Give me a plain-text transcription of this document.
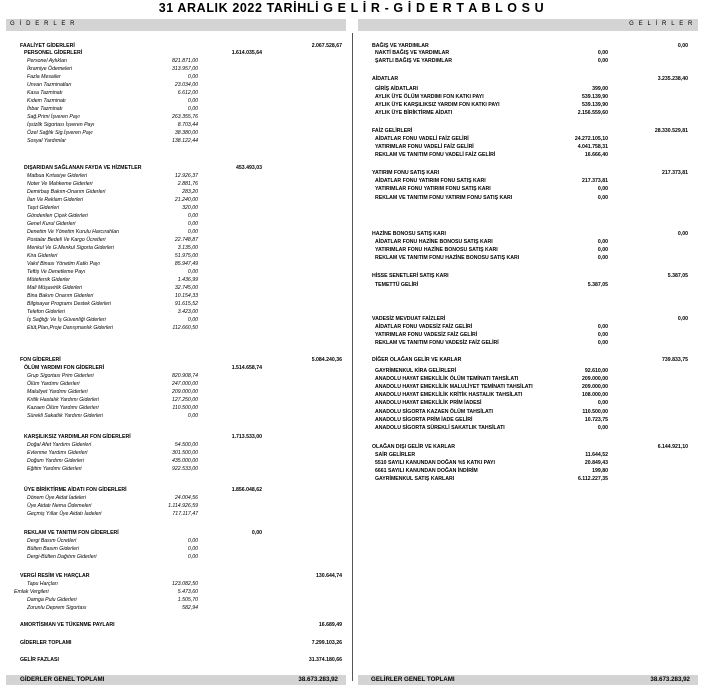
31 ARALIK 2022 TARİHLİ G E L İ R - G İ D E R T A B L O S U
G İ D E R L E R	G E L İ R L E R
FAALİYET GİDERLERİ	2.067.528,67
PERSONEL GİDERLERİ	1.614.035,64
Personel Aylıkları	821.871,00
İkramiye Ödemeleri	313.957,00
Fazla Mesailer	0,00
Unvan Tazminatları	23.034,00
Kasa Tazminatı	6.612,00
Kıdem Tazminatı	0,00
İhbar Tazminatı	0,00
Sağ.Primi İşveren Payı	263.355,76
İşsizlik Sigortası İşveren Payı	8.703,44
Özel Sağlık Sig.İşveren Payı	38.380,00
Sosyal Yardımlar	138.122,44
DIŞARIDAN SAĞLANAN FAYDA VE HİZMETLER	453.493,03
Matbua Kırtasiye Giderleri	12.926,37
Noter Ve Mahkeme Giderleri	2.881,76
Demirbaş Bakım-Onarım Giderleri	283,20
İlan Ve Reklam Giderleri	21.240,00
Taşıt Giderleri	320,00
Gönderilen Çiçek Giderleri	0,00
Genel Kurul Giderleri	0,00
Denetim Ve Yönetim Kurulu Harcırahları	0,00
Postalar Bedeli Ve Kargo Ücretleri	22.748,87
Menkul Ve G.Menkul Sigorta Giderleri	3.135,00
Kira Giderleri	51.975,00
Vakıf Binası Yönetim Katkı Payı	85.947,49
Teftiş Ve Denetleme Payı	0,00
Müteferrik Giderler	1.436,99
Mali Müşavirlik Giderleri	32.745,00
Bina Bakım Onarım Giderleri	10.154,33
Bilgisayar Programı Destek Giderleri	91.615,52
Telefon Giderleri	3.423,00
İş Sağlığı Ve İş Güvenliği Giderleri	0,00
Etüt,Plan,Proje Danışmanlık Giderleri	112.660,50
FON GİDERLERİ	5.084.240,36
ÖLÜM YARDIMI FON GİDERLERİ	1.514.658,74
Grup Sigortası Prim Giderleri	820.908,74
Ölüm Yardımı Giderleri	247.000,00
Maluliyet Yardımı Giderleri	209.000,00
Kritik Hastalık Yardımı Giderleri	127.250,00
Kazaen Ölüm Yardımı Giderleri	110.500,00
Sürekli Sakatlık Yardımı Giderleri	0,00
KARŞILIKSIZ YARDIMLAR FON GİDERLERİ	1.713.533,00
Doğal Afet Yardımı Giderleri	54.500,00
Evlenme Yardımı Giderleri	301.500,00
Doğum Yardımı Giderleri	435.000,00
Eğitim Yardımı Giderleri	922.533,00
ÜYE BİRİKTİRME AİDATI FON GİDERLERİ	1.856.048,62
Dönem Üye Aidat İadeleri	24.004,56
Üye Aidatı Nema Ödemeleri	1.114.926,59
Geçmiş Yıllar Üye Aidatı İadeleri	717.117,47
REKLAM VE TANITIM FON GİDERLERİ	0,00
Dergi Basım Ücretleri	0,00
Bülten Basım Giderleri	0,00
Dergi-Bülten Dağıtım Giderleri	0,00
VERGİ RESİM VE HARÇLAR	130.644,74
Tapu Harçları	123.082,50
Emlak Vergileri	5.473,60
Damga Pulu Giderleri	1.505,70
Zorunlu Deprem Sigortası	582,94
AMORTİSMAN VE TÜKENME PAYLARI	16.689,49
GİDERLER TOPLAMI	7.299.103,26
GELİR FAZLASI	31.374.180,66
BAĞIŞ VE YARDIMLAR	0,00
NAKTİ BAĞIŞ VE YARDIMLAR	0,00
ŞARTLI BAĞIŞ VE YARDIMLAR	0,00
AİDATLAR	3.235.238,40
GİRİŞ AİDATLARI	399,00
AYLIK ÜYE ÖLÜM YARDIMI FON KATKI PAYI	539.139,90
AYLIK ÜYE KARŞILIKSIZ YARDIM FON KATKI PAYI	539.139,90
AYLIK ÜYE BİRİKTİRME AİDATI	2.156.559,60
FAİZ GELİRLERİ	28.330.529,81
AİDATLAR FONU VADELİ FAİZ GELİRİ	24.272.105,10
YATIRIMLAR FONU VADELİ FAİZ GELİRİ	4.041.758,31
REKLAM VE TANITIM FONU VADELİ FAİZ GELİRİ	16.666,40
YATIRIM FONU SATIŞ KARI	217.373,81
AİDATLAR FONU YATIRIM FONU SATIŞ KARI	217.373,81
YATIRIMLAR FONU YATIRIM FONU SATIŞ KARI	0,00
REKLAM VE TANITIM FONU YATIRIM FONU SATIŞ KARI	0,00
HAZİNE BONOSU SATIŞ KARI	0,00
AİDATLAR FONU HAZİNE BONOSU SATIŞ KARI	0,00
YATIRIMLAR FONU HAZİNE BONOSU SATIŞ KARI	0,00
REKLAM VE TANITIM FONU HAZİNE BONOSU SATIŞ KARI	0,00
HİSSE SENETLERİ SATIŞ KARI	5.387,05
TEMETTÜ GELİRİ	5.387,05
VADESİZ MEVDUAT FAİZLERİ	0,00
AİDATLAR FONU VADESİZ FAİZ GELİRİ	0,00
YATIRIMLAR FONU VADESİZ FAİZ GELİRİ	0,00
REKLAM VE TANITIM FONU VADESİZ FAİZ GELİRİ	0,00
DİĞER OLAĞAN GELİR VE KARLAR	739.833,75
GAYRİMENKUL KİRA GELİRLERİ	92.610,00
ANADOLU HAYAT EMEKLİLİK ÖLÜM TEMİNATI TAHSİLATI	209.000,00
ANADOLU HAYAT EMEKLİLİK MALULİYET TEMİNATI TAHSİLATI	209.000,00
ANADOLU HAYAT EMEKLİLİK KRİTİK HASTALIK TAHSİLATI	108.000,00
ANADOLU HAYAT EMEKLİLİK PRİM İADESİ	0,00
ANADOLU SİGORTA KAZAEN ÖLÜM TAHSİLATI	110.500,00
ANADOLU SİGORTA PRİM İADE GELİRİ	10.723,75
ANADOLU SİGORTA SÜREKLİ SAKATLIK TAHSİLATI	0,00
OLAĞAN DIŞI GELİR VE KARLAR	6.144.921,10
SAİR GELİRLER	11.644,52
5510 SAYILI KANUNDAN DOĞAN %5 KATKI PAYI	20.849,43
6661 SAYILI KANUNDAN DOĞAN İNDİRİM	199,80
GAYRİMENKUL SATIŞ KARLARI	6.112.227,35
GİDERLER GENEL TOPLAMI	38.673.283,92	GELİRLER GENEL TOPLAMI	38.673.283,92
